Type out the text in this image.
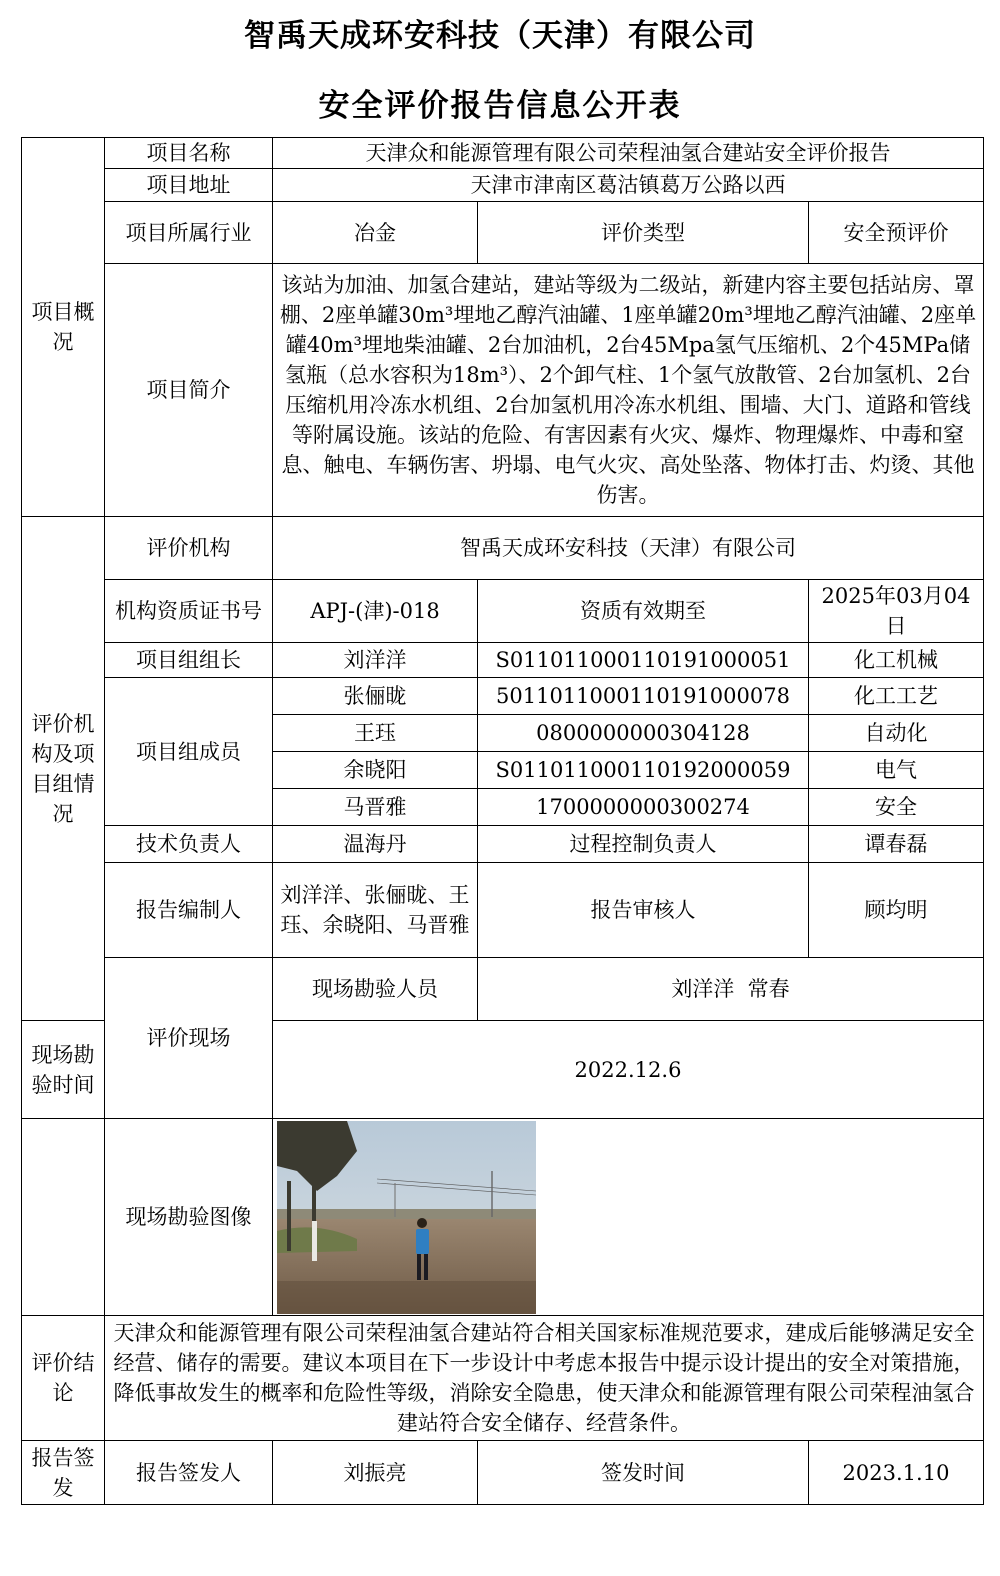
智禹天成环安科技（天津）有限公司
安全评价报告信息公开表
项目概况	项目名称	天津众和能源管理有限公司荣程油氢合建站安全评价报告		
	项目地址	天津市津南区葛沽镇葛万公路以西		
	项目所属行业	冶金	评价类型	安全预评价
	项目简介	该站为加油、加氢合建站，建站等级为二级站，新建内容主要包括站房、罩棚、2座单罐30m³埋地乙醇汽油罐、1座单罐20m³埋地乙醇汽油罐、2座单罐40m³埋地柴油罐、2台加油机，2台45Mpa氢气压缩机、2个45MPa储氢瓶（总水容积为18m³）、2个卸气柱、1个氢气放散管、2台加氢机、2台压缩机用冷冻水机组、2台加氢机用冷冻水机组、围墙、大门、道路和管线等附属设施。该站的危险、有害因素有火灾、爆炸、物理爆炸、中毒和窒息、触电、车辆伤害、坍塌、电气火灾、高处坠落、物体打击、灼烫、其他伤害。		
评价机构及项目组情况	评价机构	智禹天成环安科技（天津）有限公司		
	机构资质证书号	APJ-(津)-018	资质有效期至	2025年03月04日
	项目组组长	刘洋洋	S011011000110191000051	化工机械
	项目组成员	张俪昽	5011011000110191000078	化工工艺
		王珏	0800000000304128	自动化
		余晓阳	S011011000110192000059	电气
		马晋雅	1700000000300274	安全
	技术负责人	温海丹	过程控制负责人	谭春磊
	报告编制人	刘洋洋、张俪昽、王珏、余晓阳、马晋雅	报告审核人	顾均明
	评价现场	现场勘验人员	刘洋洋  常春	
现场勘验时间		2022.12.6		
	现场勘验图像	

评价结论	天津众和能源管理有限公司荣程油氢合建站符合相关国家标准规范要求，建成后能够满足安全经营、储存的需要。建议本项目在下一步设计中考虑本报告中提示设计提出的安全对策措施，降低事故发生的概率和危险性等级，消除安全隐患，使天津众和能源管理有限公司荣程油氢合建站符合安全储存、经营条件。			
报告签发	报告签发人	刘振亮	签发时间	2023.1.10
